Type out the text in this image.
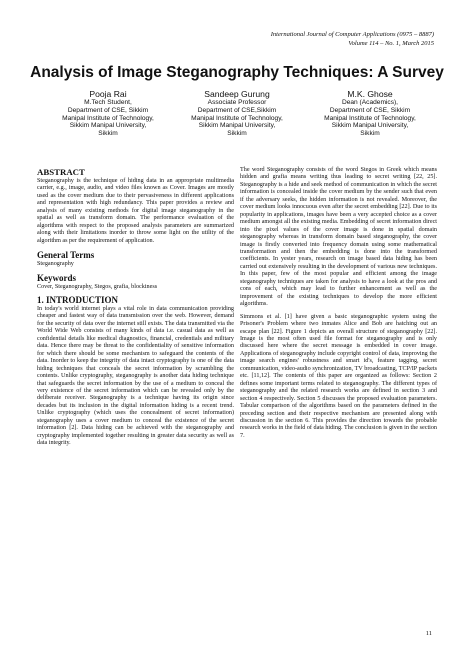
International Journal of Computer Applications (0975 – 8887)
Volume 114 – No. 1, March 2015
Analysis of Image Steganography Techniques: A Survey
Pooja Rai
M.Tech Student,
Department of CSE, Sikkim
Manipal Institute of Technology,
Sikkim Manipal University,
Sikkim
Sandeep Gurung
Associate Professor
Department of CSE,Sikkim
Manipal Institute of Technology,
Sikkim Manipal University,
Sikkim
M.K. Ghose
Dean (Academics),
Department of CSE, Sikkim
Manipal Institute of Technology,
Sikkim Manipal University,
Sikkim
ABSTRACT

Steganography is the technique of hiding data in an appropriate multimedia carrier, e.g., image, audio, and video files known as Cover. Images are mostly used as the cover medium due to their pervasiveness in different applications and representation with high redundancy. This paper provides a review and analysis of many existing methods for digital image steganography in the spatial as well as transform domain. The performance evaluation of the algorithms with respect to the proposed analysis parameters are summarized along with their limitations inorder to throw some light on the utility of the algorithm as per the requirement of application.

General Terms

Steganography

Keywords

Cover, Steganography, Stegos, grafia, blockiness

1. INTRODUCTION

In today's world internet plays a vital role in data communication providing cheaper and fastest way of data transmission over the web. However, demand for the security of data over the internet still exists. The data transmitted via the World Wide Web consists of many kinds of data i.e. casual data as well as confidential details like medical diagnostics, financial, credentials and military data. Hence there may be threat to the confidentiality of sensitive information for which there should be some mechanism to safeguard the contents of the data. Inorder to keep the integrity of data intact cryptography is one of the data hiding techniques that conceals the secret information by scrambling the contents. Unlike cryptography, steganography is another data hiding technique that safeguards the secret information by the use of a medium to conceal the very existence of the secret information which can be revealed only by the deliberate receiver. Steganography is a technique having its origin since decades but its inclusion in the digital information hiding is a recent trend. Unlike cryptography (which uses the concealment of secret information) steganography uses a cover medium to conceal the existence of the secret information [2]. Data hiding can be achieved with the steganography and cryptography implemented together resulting in greater data security as well as data integrity.

The word Steganography consists of the word Stegos in Greek which means hidden and grafia means writing thus leading to secret writing [22, 25]. Steganography is a hide and seek method of communication in which the secret information is concealed inside the cover medium by the sender such that even if the adversary seeks, the hidden information is not revealed. Moreover, the cover medium looks innocuous even after the secret embedding [22]. Due to its popularity in applications, images have been a very accepted choice as a cover medium amongst all the existing media. Embedding of secret information direct into the pixel values of the cover image is done in spatial domain steganography whereas in transform domain based steganography, the cover image is firstly converted into frequency domain using some mathematical transformation and then the embedding is done into the transformed coefficients. In yester years, research on image based data hiding has been carried out extensively resulting in the development of various new techniques. In this paper, few of the most popular and efficient among the image steganography techniques are taken for analysis to have a look at the pros and cons of each, which may lead to further enhancement as well as the improvement of the existing techniques to develop the more efficient algorithms.

Simmons et al. [1] have given a basic steganographic system using the Prisoner's Problem where two inmates Alice and Bob are hatching out an escape plan [22]. Figure 1 depicts an overall structure of steganography [22]. Image is the most often used file format for steganography and is only discussed here where the secret message is embedded in cover image. Applications of steganography include copyright control of data, improving the image search engines' robustness and smart id's, feature tagging, secret communication, video-audio synchronization, TV broadcasting, TCP/IP packets etc. [11,12]. The contents of this paper are organized as follows: Section 2 defines some important terms related to steganography. The different types of steganography and the related research works are defined in section 3 and section 4 respectively. Section 5 discusses the proposed evaluation parameters. Tabular comparison of the algorithms based on the parameters defined in the preceding section and their respective mechanism are presented along with discussion in the section 6. This provides the direction towards the probable research works in the field of data hiding. The conclusion is given in the section 7.

11
